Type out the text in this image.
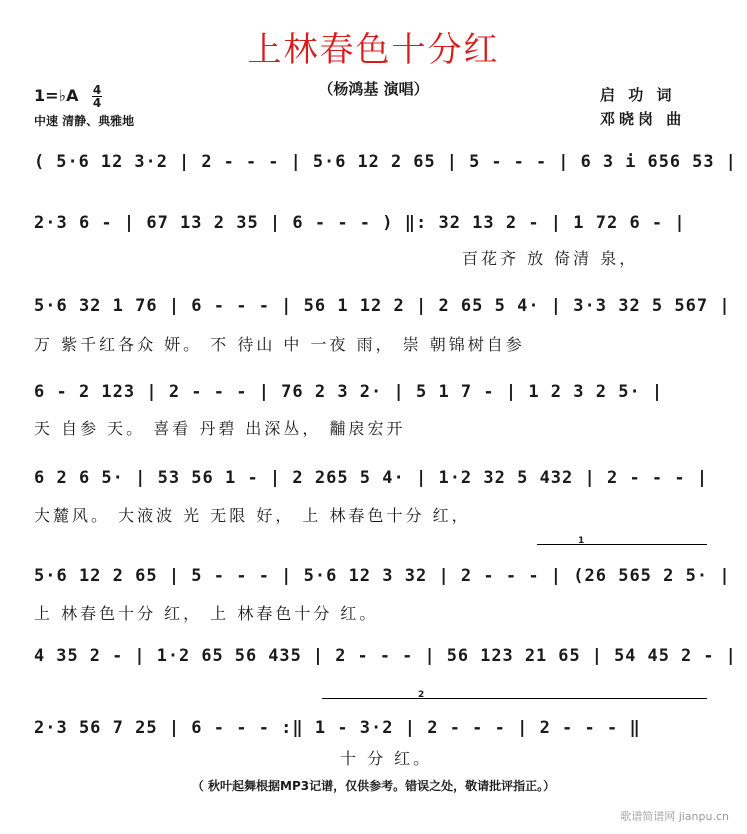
上林春色十分红
（杨鸿基 演唱）	启 功 词
邓晓岗 曲
1=♭A 4
4
中速 清静、典雅地
( 5·6 12 3·2 | 2 - - - | 5·6 12 2 65 | 5 - - - | 6 3 i 656 53 |
2·3 6 - | 67 13 2 35 | 6 - - - ) ‖: 32 13 2 - | 1 72 6 - |
百花齐 放 倚清 泉，
5·6 32 1 76 | 6 - - - | 56 1 12 2 | 2 65 5 4· | 3·3 32 5 567 |
万 紫千红各众 妍。 不 待山 中 一夜 雨， 崇 朝锦树自参
6 - 2 123 | 2 - - - | 76 2 3 2· | 5 1 7 - | 1 2 3 2 5· |
天 自参 天。 喜看 丹碧 出深丛， 黼扆宏开
6 2 6 5· | 53 56 1 - | 2 265 5 4· | 1·2 32 5 432 | 2 - - - |
大麓风。 大液波 光 无限 好， 上 林春色十分 红，
1
5·6 12 2 65 | 5 - - - | 5·6 12 3 32 | 2 - - - | (26 565 2 5· |
上 林春色十分 红， 上 林春色十分 红。
4 35 2 - | 1·2 65 56 435 | 2 - - - | 56 123 21 65 | 54 45 2 - |
2
2·3 56 7 25 | 6 - - - :‖ 1 - 3·2 | 2 - - - | 2 - - - ‖
十 分 红。
（ 秋叶起舞根据MP3记谱，仅供参考。错误之处，敬请批评指正。）
歌谱简谱网 jianpu.cn
